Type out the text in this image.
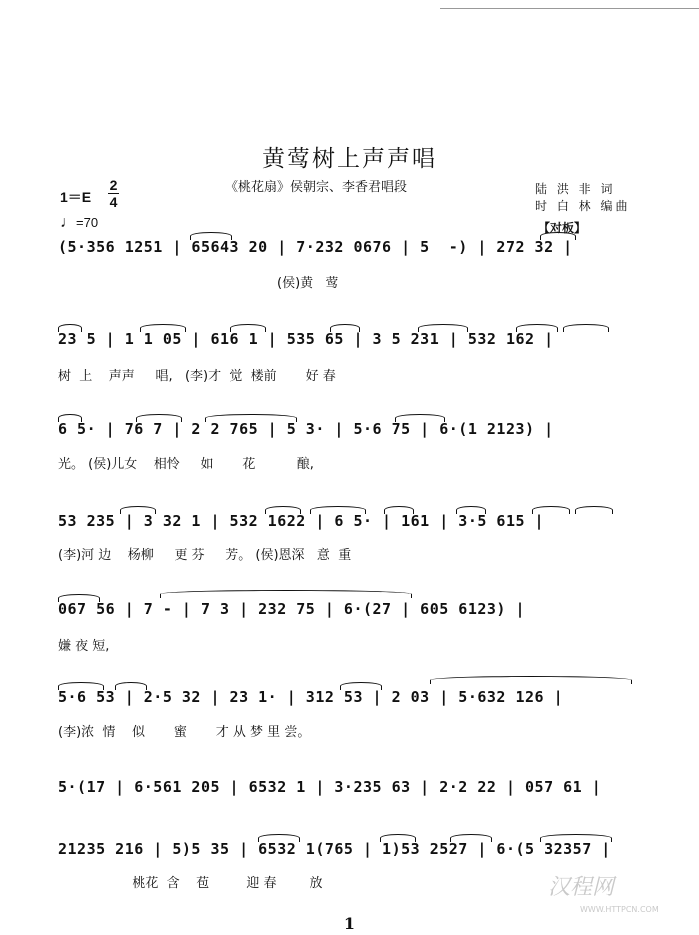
黄莺树上声声唱
《桃花扇》侯朝宗、李香君唱段	陆 洪 非 词
时 白 林 编曲
1＝E
2
4
♩=70	【对板】
(5·356 1251 | 65643 20 | 7·232 0676 | 5  -) | 272 32 |
(侯)黄   莺
23 5 | 1 1 05 | 616 1 | 535 65 | 3 5 231 | 532 162 |
树  上    声声     唱,   (李)才  觉  楼前       好 春
6 5· | 76 7 | 2 2 765 | 5 3· | 5·6 75 | 6·(1 2123) |
光。 (侯)儿女    相怜     如       花          酿,
53 235 | 3 32 1 | 532 1622 | 6 5· | 161 | 3·5 615 |
(李)河 边    杨柳     更 芬     芳。 (侯)恩深   意  重
067 56 | 7 - | 7 3 | 232 75 | 6·(27 | 605 6123) |
嫌 夜 短,
5·6 53 | 2·5 32 | 23 1· | 312 53 | 2 03 | 5·632 126 |
(李)浓  情    似       蜜       才 从 梦 里 尝。
5·(17 | 6·561 205 | 6532 1 | 3·235 63 | 2·2 22 | 057 61 |
21235 216 | 5)5 35 | 6532 1(765 | 1)53 2527 | 6·(5 32357 |
桃花  含    苞         迎 春        放
1
汉程网
WWW.HTTPCN.COM
